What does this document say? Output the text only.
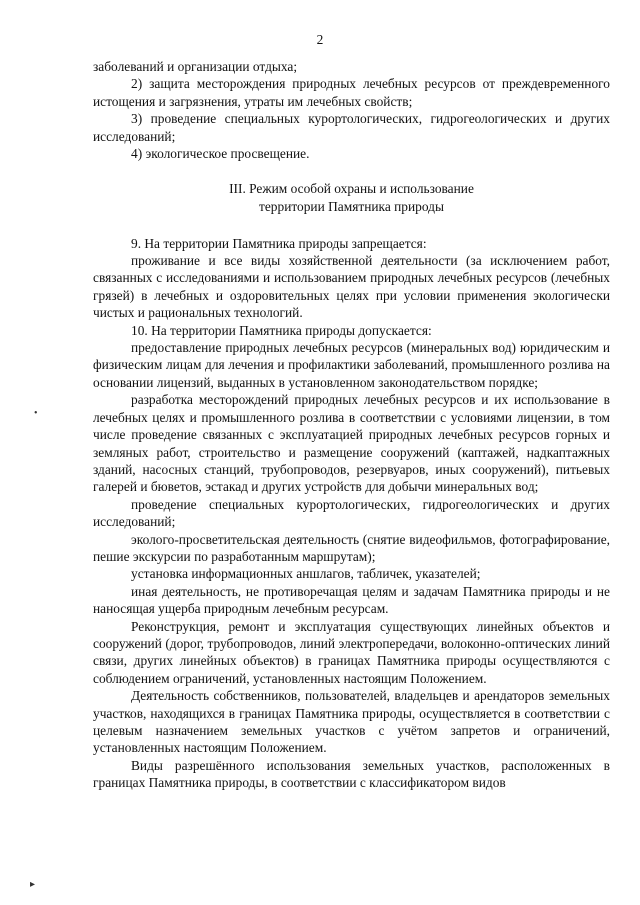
2

заболеваний и организации отдыха;

2) защита месторождения природных лечебных ресурсов от преждевременного истощения и загрязнения, утраты им лечебных свойств;

3) проведение специальных курортологических, гидрогеологических и других исследований;

4) экологическое просвещение.

III. Режим особой охраны и использование
территории Памятника природы

9. На территории Памятника природы запрещается:

проживание и все виды хозяйственной деятельности (за исключением работ, связанных с исследованиями и использованием природных лечебных ресурсов (лечебных грязей) в лечебных и оздоровительных целях при условии применения экологически чистых и рациональных технологий.

10. На территории Памятника природы допускается:

предоставление природных лечебных ресурсов (минеральных вод) юридическим и физическим лицам для лечения и профилактики заболеваний, промышленного розлива на основании лицензий, выданных в установленном законодательством порядке;

разработка месторождений природных лечебных ресурсов и их использование в лечебных целях и промышленного розлива в соответствии с условиями лицензии, в том числе проведение связанных с эксплуатацией природных лечебных ресурсов горных и земляных работ, строительство и размещение сооружений (каптажей, надкаптажных зданий, насосных станций, трубопроводов, резервуаров, иных сооружений), питьевых галерей и бюветов, эстакад и других устройств для добычи минеральных вод;

проведение специальных курортологических, гидрогеологических и других исследований;

эколого-просветительская деятельность (снятие видеофильмов, фотографирование, пешие экскурсии по разработанным маршрутам);

установка информационных аншлагов, табличек, указателей;

иная деятельность, не противоречащая целям и задачам Памятника природы и не наносящая ущерба природным лечебным ресурсам.

Реконструкция, ремонт и эксплуатация существующих линейных объектов и сооружений (дорог, трубопроводов, линий электропередачи, волоконно-оптических линий связи, других линейных объектов) в границах Памятника природы осуществляются с соблюдением ограничений, установленных настоящим Положением.

Деятельность собственников, пользователей, владельцев и арендаторов земельных участков, находящихся в границах Памятника природы, осуществляется в соответствии с целевым назначением земельных участков с учётом запретов и ограничений, установленных настоящим Положением.

Виды разрешённого использования земельных участков, расположенных в границах Памятника природы, в соответствии с классификатором видов

•
▸
